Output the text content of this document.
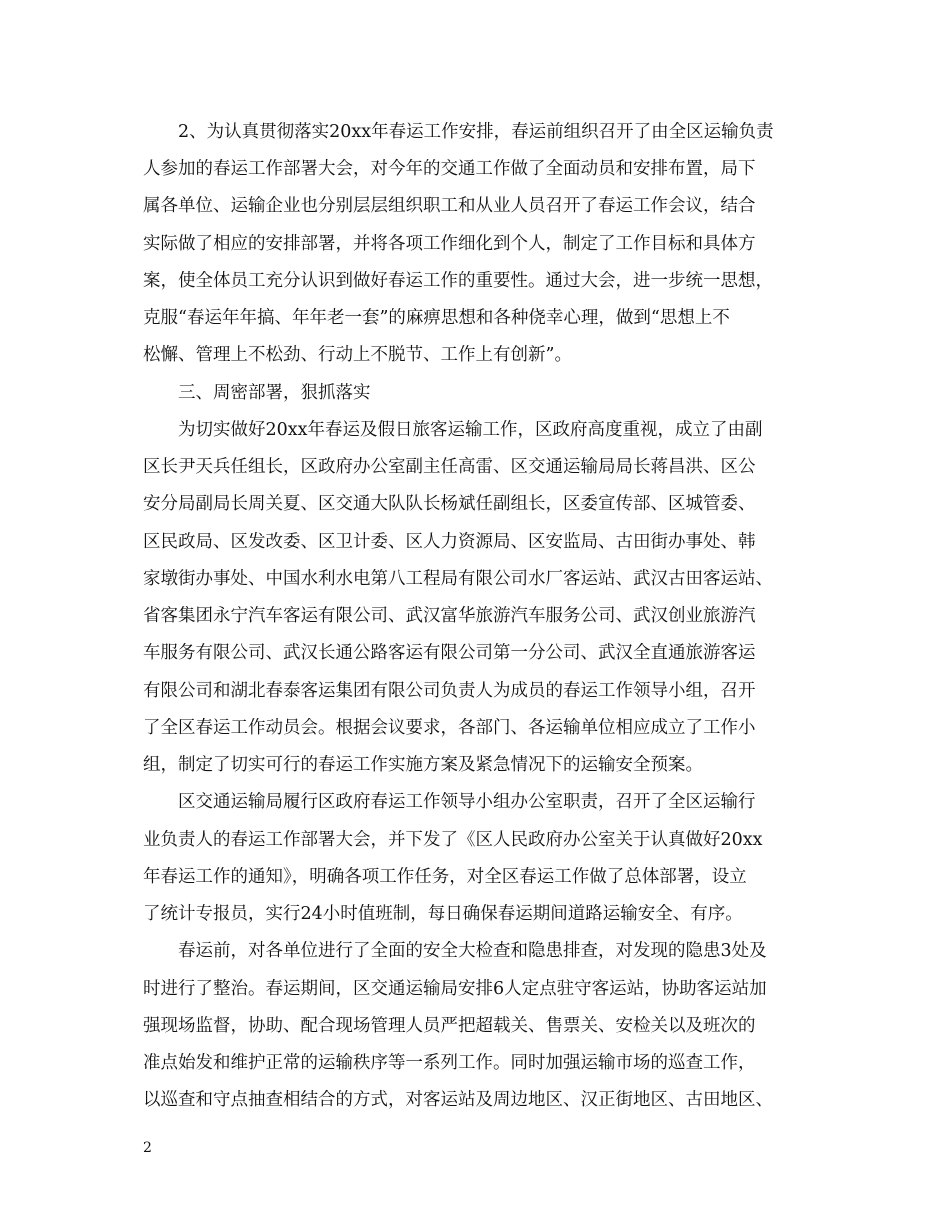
2、为认真贯彻落实20xx年春运工作安排，春运前组织召开了由全区运输负责
人参加的春运工作部署大会，对今年的交通工作做了全面动员和安排布置，局下
属各单位、运输企业也分别层层组织职工和从业人员召开了春运工作会议，结合
实际做了相应的安排部署，并将各项工作细化到个人，制定了工作目标和具体方
案，使全体员工充分认识到做好春运工作的重要性。通过大会，进一步统一思想，
克服“春运年年搞、年年老一套”的麻痹思想和各种侥幸心理，做到“思想上不
松懈、管理上不松劲、行动上不脱节、工作上有创新”。
三、周密部署，狠抓落实
为切实做好20xx年春运及假日旅客运输工作，区政府高度重视，成立了由副
区长尹天兵任组长，区政府办公室副主任高雷、区交通运输局局长蒋昌洪、区公
安分局副局长周关夏、区交通大队队长杨斌任副组长，区委宣传部、区城管委、
区民政局、区发改委、区卫计委、区人力资源局、区安监局、古田街办事处、韩
家墩街办事处、中国水利水电第八工程局有限公司水厂客运站、武汉古田客运站、
省客集团永宁汽车客运有限公司、武汉富华旅游汽车服务公司、武汉创业旅游汽
车服务有限公司、武汉长通公路客运有限公司第一分公司、武汉全直通旅游客运
有限公司和湖北春泰客运集团有限公司负责人为成员的春运工作领导小组，召开
了全区春运工作动员会。根据会议要求，各部门、各运输单位相应成立了工作小
组，制定了切实可行的春运工作实施方案及紧急情况下的运输安全预案。
区交通运输局履行区政府春运工作领导小组办公室职责，召开了全区运输行
业负责人的春运工作部署大会，并下发了《区人民政府办公室关于认真做好20xx
年春运工作的通知》，明确各项工作任务，对全区春运工作做了总体部署，设立
了统计专报员，实行24小时值班制，每日确保春运期间道路运输安全、有序。
春运前，对各单位进行了全面的安全大检查和隐患排查，对发现的隐患3处及
时进行了整治。春运期间，区交通运输局安排6人定点驻守客运站，协助客运站加
强现场监督，协助、配合现场管理人员严把超载关、售票关、安检关以及班次的
准点始发和维护正常的运输秩序等一系列工作。同时加强运输市场的巡查工作，
以巡查和守点抽查相结合的方式，对客运站及周边地区、汉正街地区、古田地区、
2
